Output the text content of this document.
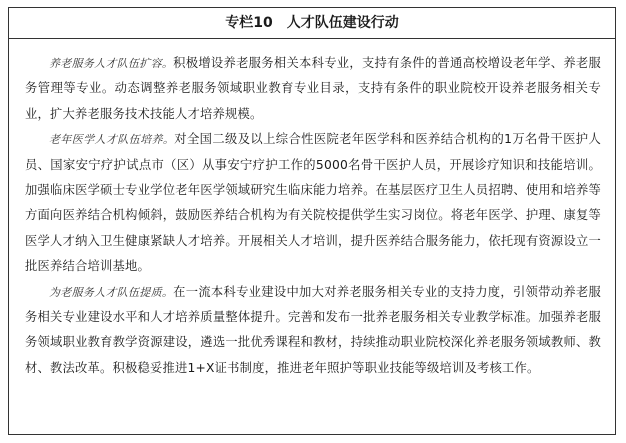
专栏10　人才队伍建设行动

养老服务人才队伍扩容。积极增设养老服务相关本科专业，支持有条件的普通高校增设老年学、养老服务管理等专业。动态调整养老服务领域职业教育专业目录，支持有条件的职业院校开设养老服务相关专业，扩大养老服务技术技能人才培养规模。

老年医学人才队伍培养。对全国二级及以上综合性医院老年医学科和医养结合机构的1万名骨干医护人员、国家安宁疗护试点市（区）从事安宁疗护工作的5000名骨干医护人员，开展诊疗知识和技能培训。加强临床医学硕士专业学位老年医学领域研究生临床能力培养。在基层医疗卫生人员招聘、使用和培养等方面向医养结合机构倾斜，鼓励医养结合机构为有关院校提供学生实习岗位。将老年医学、护理、康复等医学人才纳入卫生健康紧缺人才培养。开展相关人才培训，提升医养结合服务能力，依托现有资源设立一批医养结合培训基地。

为老服务人才队伍提质。在一流本科专业建设中加大对养老服务相关专业的支持力度，引领带动养老服务相关专业建设水平和人才培养质量整体提升。完善和发布一批养老服务相关专业教学标准。加强养老服务领域职业教育教学资源建设，遴选一批优秀课程和教材，持续推动职业院校深化养老服务领域教师、教材、教法改革。积极稳妥推进1+X证书制度，推进老年照护等职业技能等级培训及考核工作。
